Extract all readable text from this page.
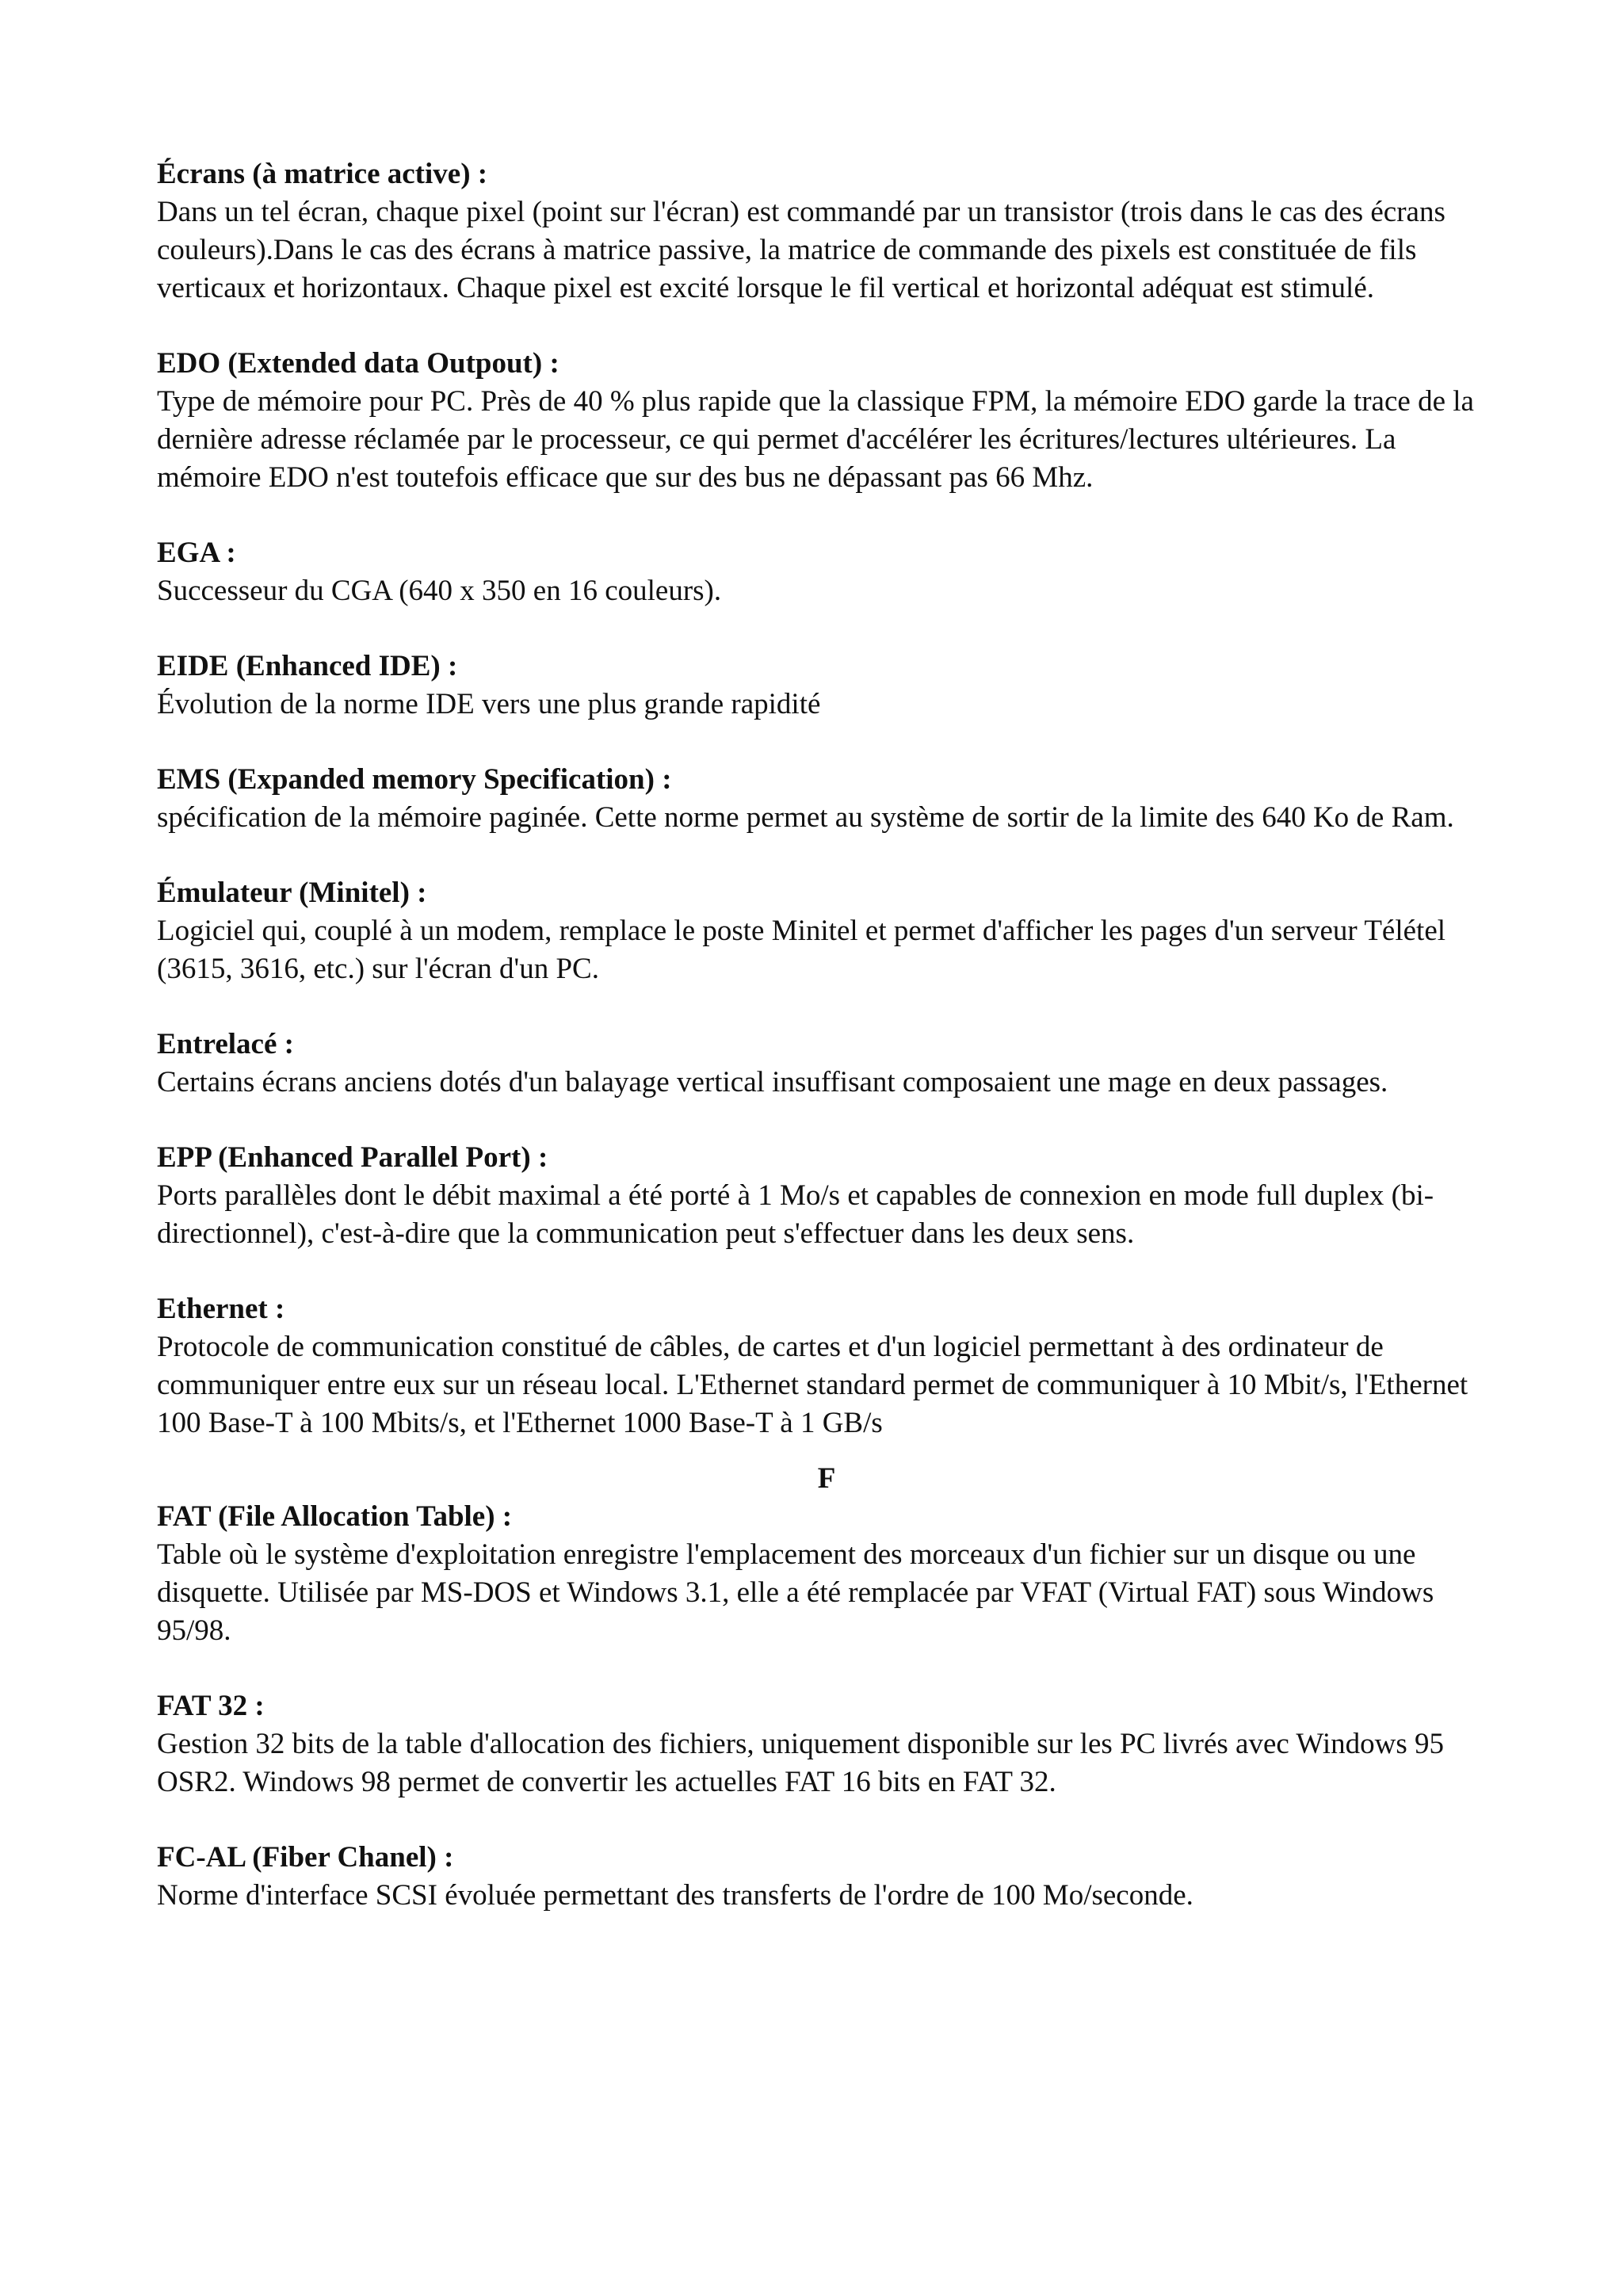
Écrans (à matrice active) :
Dans un tel écran, chaque pixel (point sur l'écran) est commandé par un transistor (trois dans le cas des écrans couleurs).Dans le cas des écrans à matrice passive, la matrice de commande des pixels est constituée de fils verticaux et horizontaux. Chaque pixel est excité lorsque le fil vertical et horizontal adéquat est stimulé.
EDO (Extended data Outpout) :
Type de mémoire pour PC. Près de 40 % plus rapide que la classique FPM, la mémoire EDO garde la trace de la dernière adresse réclamée par le processeur, ce qui permet d'accélérer les écritures/lectures ultérieures. La mémoire EDO n'est toutefois efficace que sur des bus ne dépassant pas 66 Mhz.
EGA :
Successeur du CGA (640 x 350 en 16 couleurs).
EIDE (Enhanced IDE) :
Évolution de la norme IDE vers une plus grande rapidité
EMS (Expanded memory Specification) :
spécification de la mémoire paginée. Cette norme permet au système de sortir de la limite des 640 Ko de Ram.
Émulateur (Minitel) :
Logiciel qui, couplé à un modem, remplace le poste Minitel et permet d'afficher les pages d'un serveur Télétel (3615, 3616, etc.) sur l'écran d'un PC.
Entrelacé :
Certains écrans anciens dotés d'un balayage vertical insuffisant composaient une mage en deux passages.
EPP (Enhanced Parallel Port) :
Ports parallèles dont le débit maximal a été porté à 1 Mo/s et capables de connexion en mode full duplex (bi-directionnel), c'est-à-dire que la communication peut s'effectuer dans les deux sens.
Ethernet :
Protocole de communication constitué de câbles, de cartes et d'un logiciel permettant à des ordinateur de communiquer entre eux sur un réseau local. L'Ethernet standard permet de communiquer à 10 Mbit/s, l'Ethernet 100 Base-T à 100 Mbits/s, et l'Ethernet 1000 Base-T à 1 GB/s
F
FAT (File Allocation Table) :
Table où le système d'exploitation enregistre l'emplacement des morceaux d'un fichier sur un disque ou une disquette. Utilisée par MS-DOS et Windows 3.1, elle a été remplacée par VFAT (Virtual FAT) sous Windows 95/98.
FAT 32 :
Gestion 32 bits de la table d'allocation des fichiers, uniquement disponible sur les PC livrés avec Windows 95 OSR2. Windows 98 permet de convertir les actuelles FAT 16 bits en FAT 32.
FC-AL (Fiber Chanel) :
Norme d'interface SCSI évoluée permettant des transferts de l'ordre de 100 Mo/seconde.
